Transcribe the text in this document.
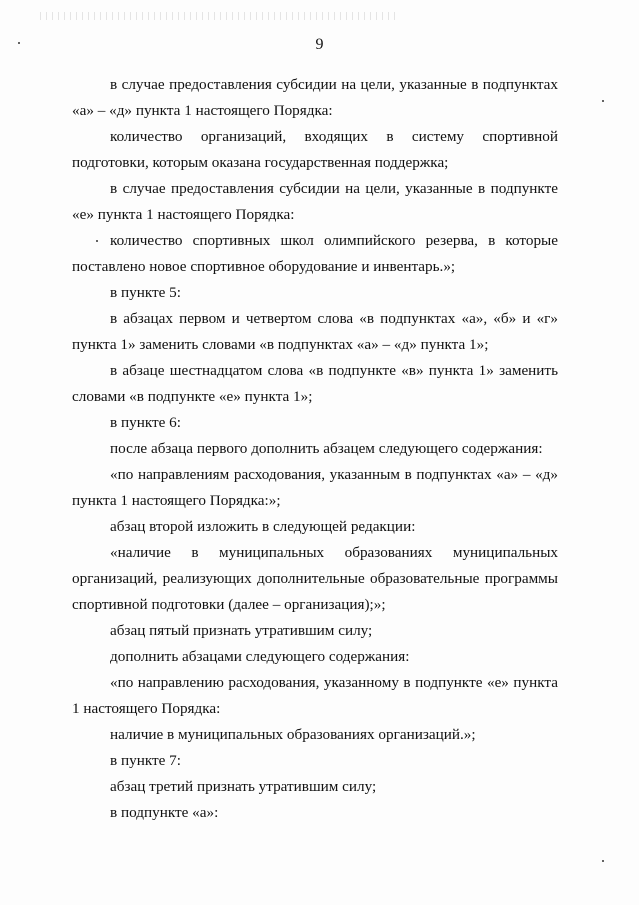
9

в случае предоставления субсидии на цели, указанные в подпунктах «а» – «д» пункта 1 настоящего Порядка:

количество организаций, входящих в систему спортивной подготовки, которым оказана государственная поддержка;

в случае предоставления субсидии на цели, указанные в подпункте «е» пункта 1 настоящего Порядка:

количество спортивных школ олимпийского резерва, в которые поставлено новое спортивное оборудование и инвентарь.»;

в пункте 5:

в абзацах первом и четвертом слова «в подпунктах «а», «б» и «г» пункта 1» заменить словами «в подпунктах «а» – «д» пункта 1»;

в абзаце шестнадцатом слова «в подпункте «в» пункта 1» заменить словами «в подпункте «е» пункта 1»;

в пункте 6:

после абзаца первого дополнить абзацем следующего содержания:

«по направлениям расходования, указанным в подпунктах «а» – «д» пункта 1 настоящего Порядка:»;

абзац второй изложить в следующей редакции:

«наличие в муниципальных образованиях муниципальных организаций, реализующих дополнительные образовательные программы спортивной подготовки (далее – организация);»;

абзац пятый признать утратившим силу;

дополнить абзацами следующего содержания:

«по направлению расходования, указанному в подпункте «е» пункта 1 настоящего Порядка:

наличие в муниципальных образованиях организаций.»;

в пункте 7:

абзац третий признать утратившим силу;

в подпункте «а»:
